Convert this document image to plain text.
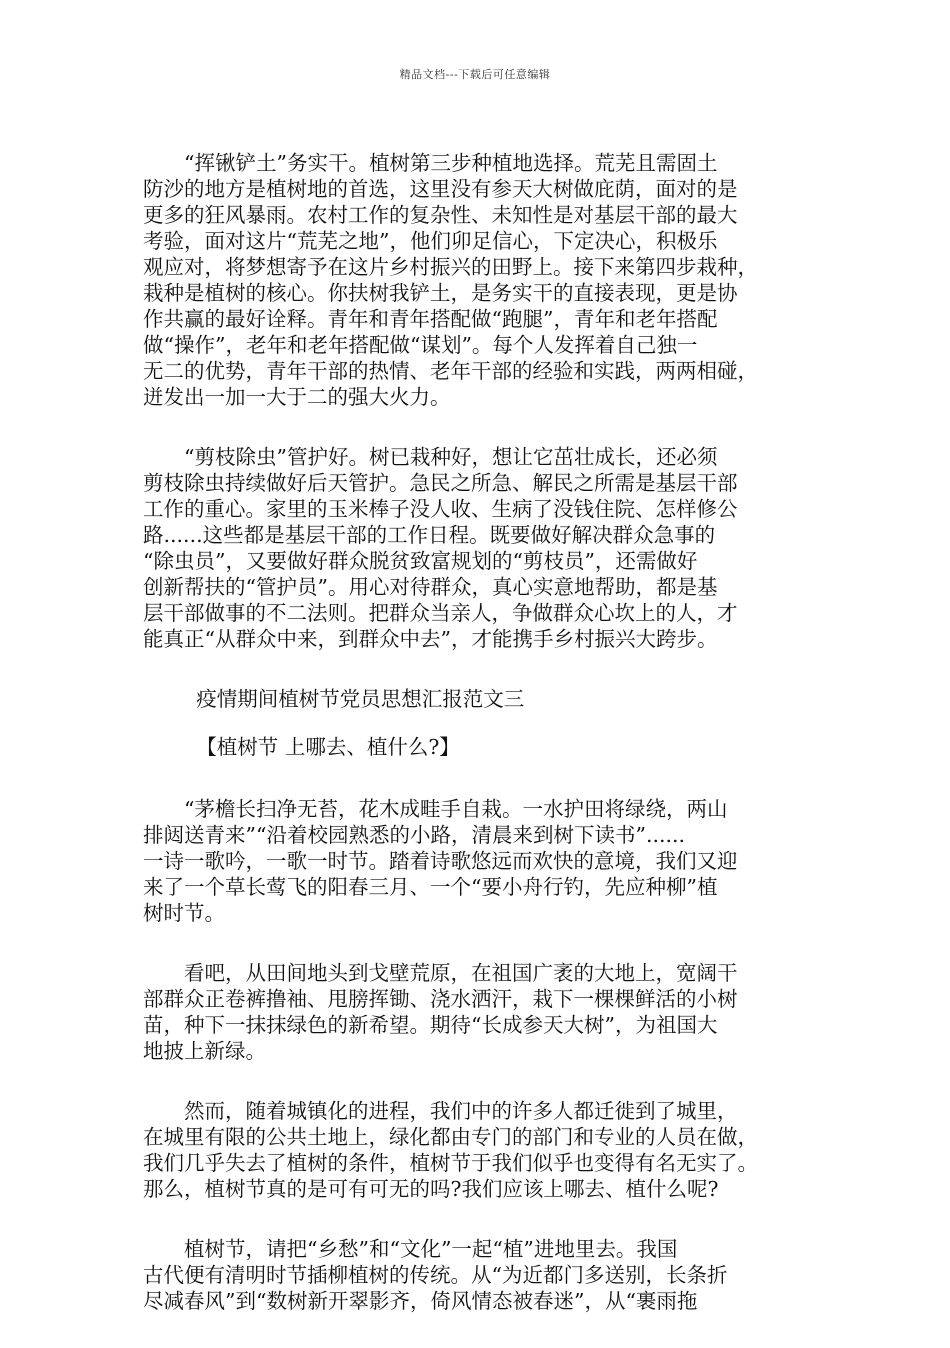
精品文档---下载后可任意编辑
“挥锹铲土”务实干。植树第三步种植地选择。荒芜且需固土
防沙的地方是植树地的首选，这里没有参天大树做庇荫，面对的是
更多的狂风暴雨。农村工作的复杂性、未知性是对基层干部的最大
考验，面对这片“荒芜之地”，他们卯足信心，下定决心，积极乐
观应对，将梦想寄予在这片乡村振兴的田野上。接下来第四步栽种，
栽种是植树的核心。你扶树我铲土，是务实干的直接表现，更是协
作共赢的最好诠释。青年和青年搭配做“跑腿”，青年和老年搭配
做“操作”，老年和老年搭配做“谋划”。每个人发挥着自己独一
无二的优势，青年干部的热情、老年干部的经验和实践，两两相碰，
迸发出一加一大于二的强大火力。
“剪枝除虫”管护好。树已栽种好，想让它茁壮成长，还必须
剪枝除虫持续做好后天管护。急民之所急、解民之所需是基层干部
工作的重心。家里的玉米棒子没人收、生病了没钱住院、怎样修公
路......这些都是基层干部的工作日程。既要做好解决群众急事的
“除虫员”，又要做好群众脱贫致富规划的“剪枝员”，还需做好
创新帮扶的“管护员”。用心对待群众，真心实意地帮助，都是基
层干部做事的不二法则。把群众当亲人，争做群众心坎上的人，才
能真正“从群众中来，到群众中去”，才能携手乡村振兴大跨步。
疫情期间植树节党员思想汇报范文三
【植树节 上哪去、植什么?】
“茅檐长扫净无苔，花木成畦手自栽。一水护田将绿绕，两山
排闼送青来”“沿着校园熟悉的小路，清晨来到树下读书”......
一诗一歌吟，一歌一时节。踏着诗歌悠远而欢快的意境，我们又迎
来了一个草长莺飞的阳春三月、一个“要小舟行钓，先应种柳”植
树时节。
看吧，从田间地头到戈壁荒原，在祖国广袤的大地上，宽阔干
部群众正卷裤撸袖、甩膀挥锄、浇水洒汗，栽下一棵棵鲜活的小树
苗，种下一抹抹绿色的新希望。期待“长成参天大树”，为祖国大
地披上新绿。
然而，随着城镇化的进程，我们中的许多人都迁徙到了城里，
在城里有限的公共土地上，绿化都由专门的部门和专业的人员在做，
我们几乎失去了植树的条件，植树节于我们似乎也变得有名无实了。
那么，植树节真的是可有可无的吗?我们应该上哪去、植什么呢?
植树节，请把“乡愁”和“文化”一起“植”进地里去。我国
古代便有清明时节插柳植树的传统。从“为近都门多送别，长条折
尽减春风”到“数树新开翠影齐，倚风情态被春迷”，从“裹雨拖
